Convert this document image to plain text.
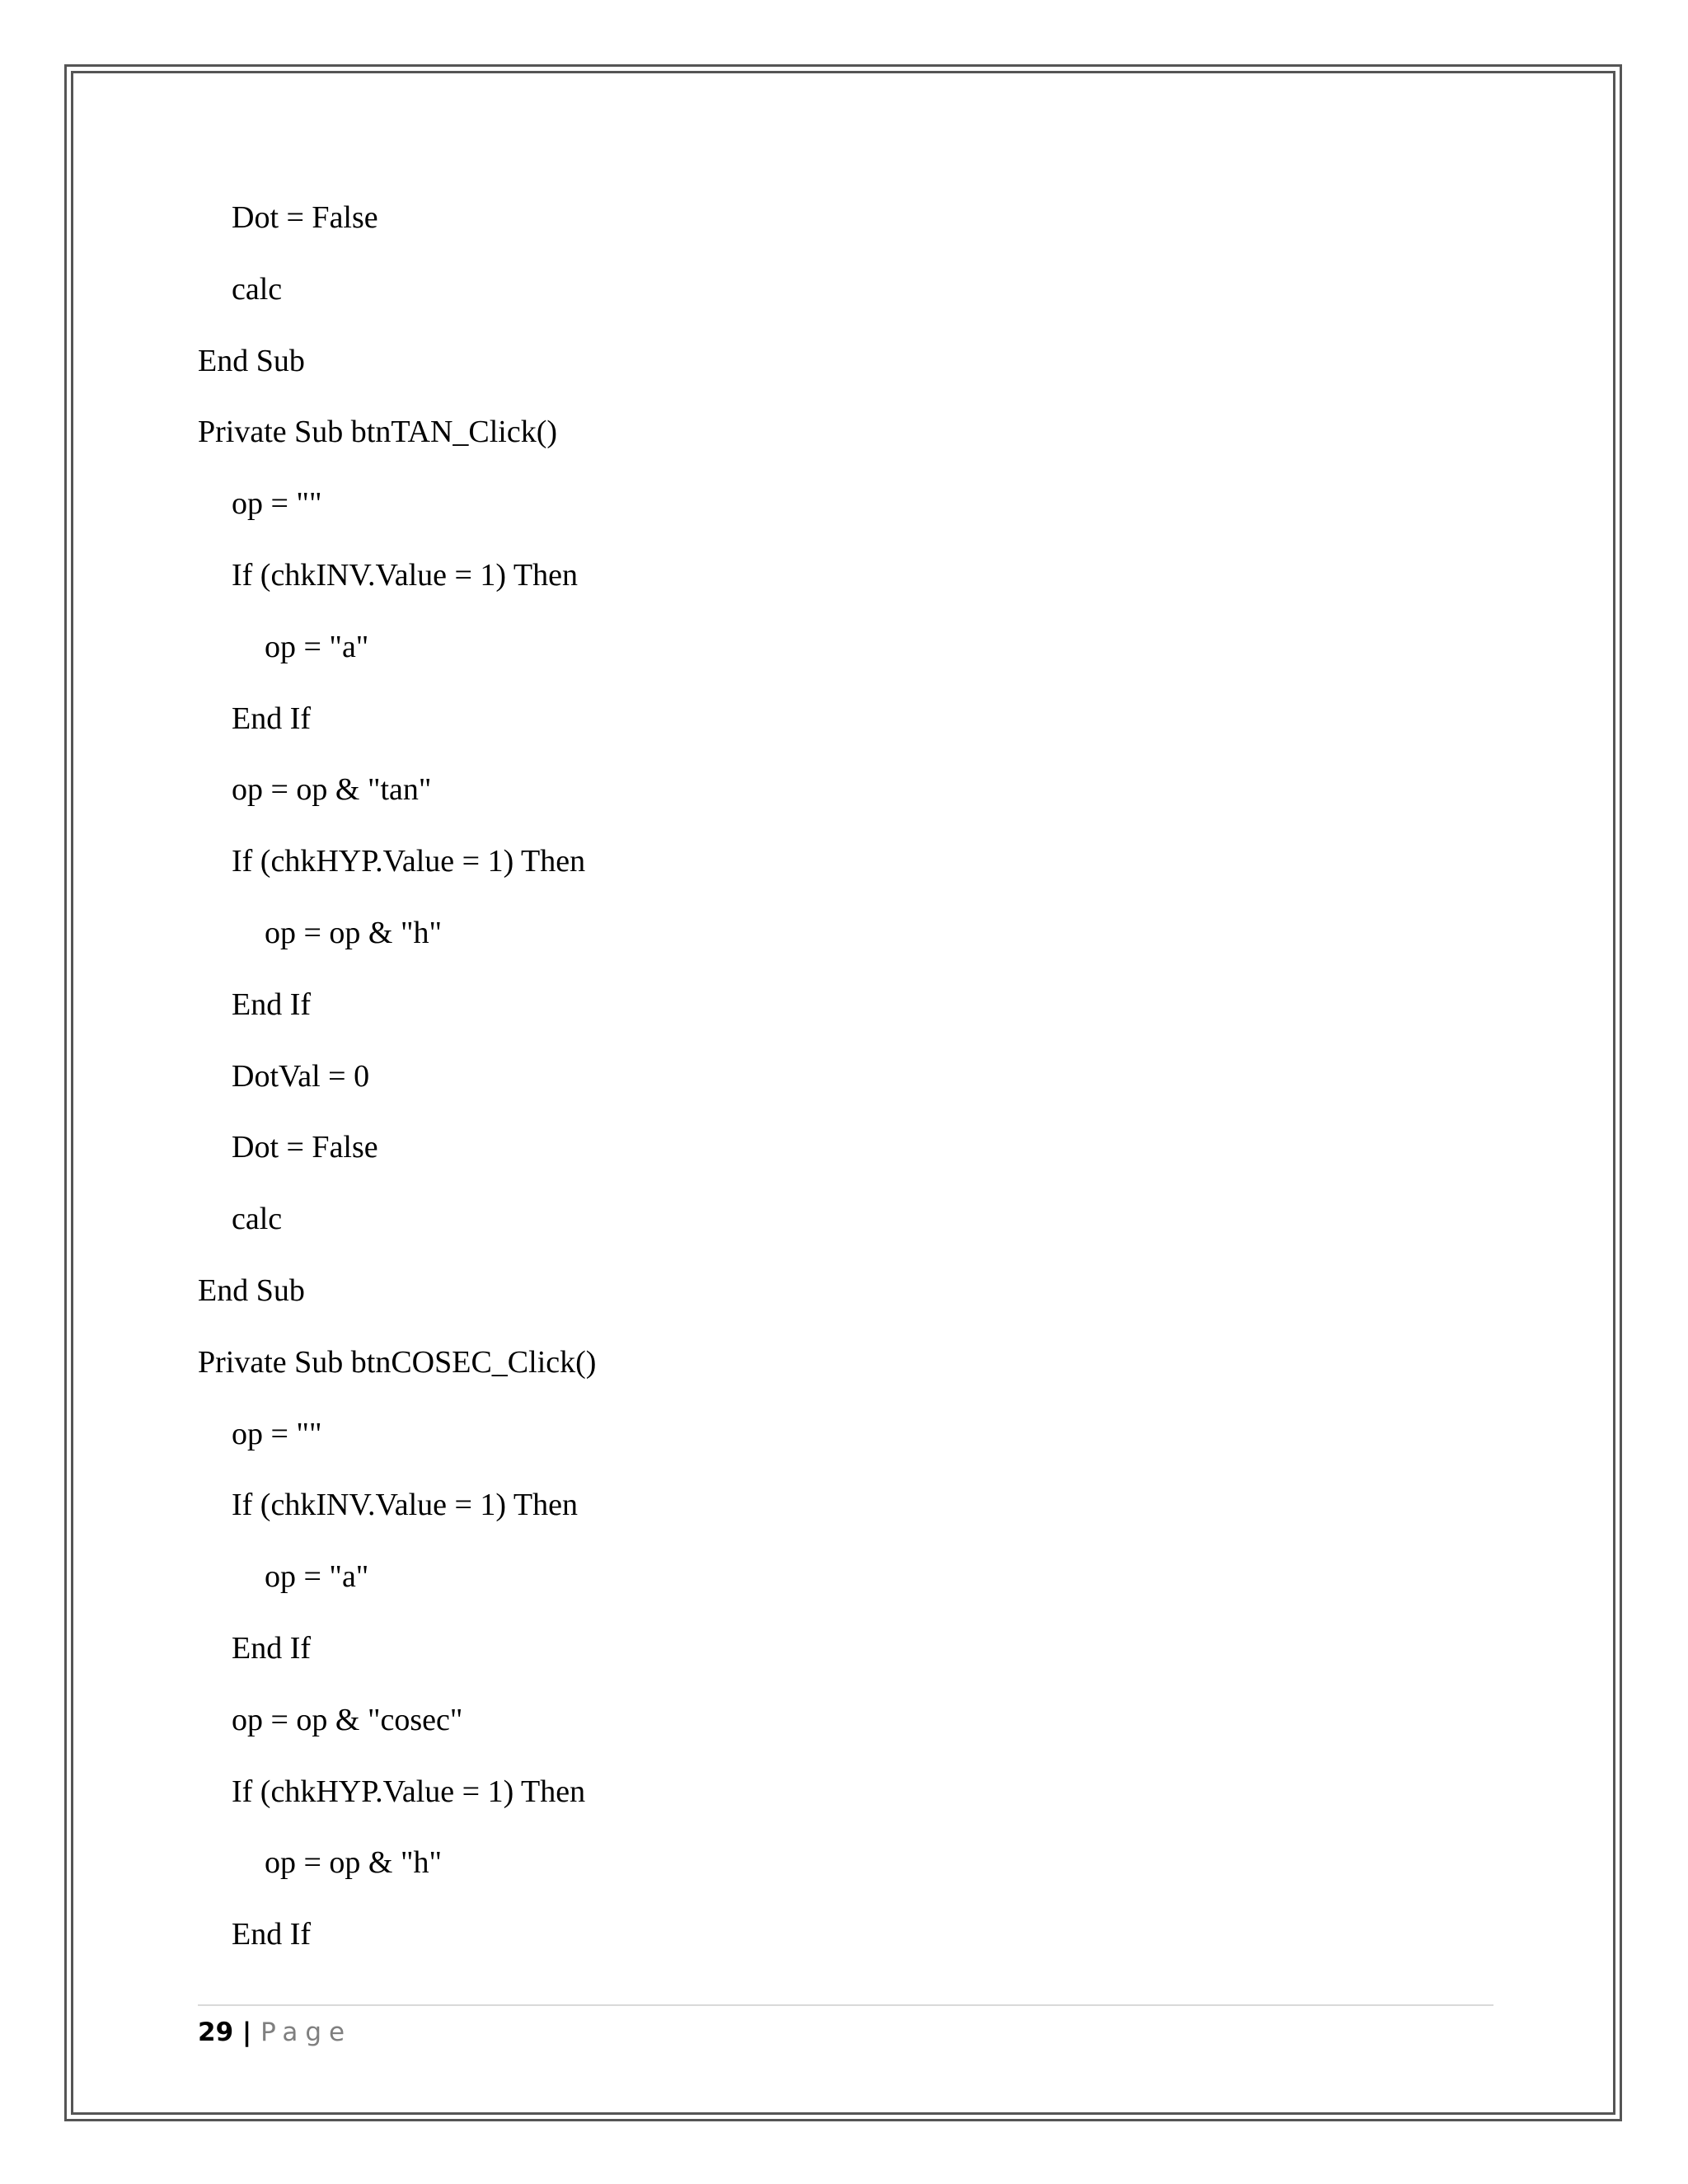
Dot = False
calc
End Sub
Private Sub btnTAN_Click()
op = ""
If (chkINV.Value = 1) Then
op = "a"
End If
op = op & "tan"
If (chkHYP.Value = 1) Then
op = op & "h"
End If
DotVal = 0
Dot = False
calc
End Sub
Private Sub btnCOSEC_Click()
op = ""
If (chkINV.Value = 1) Then
op = "a"
End If
op = op & "cosec"
If (chkHYP.Value = 1) Then
op = op & "h"
End If
29 | Page
